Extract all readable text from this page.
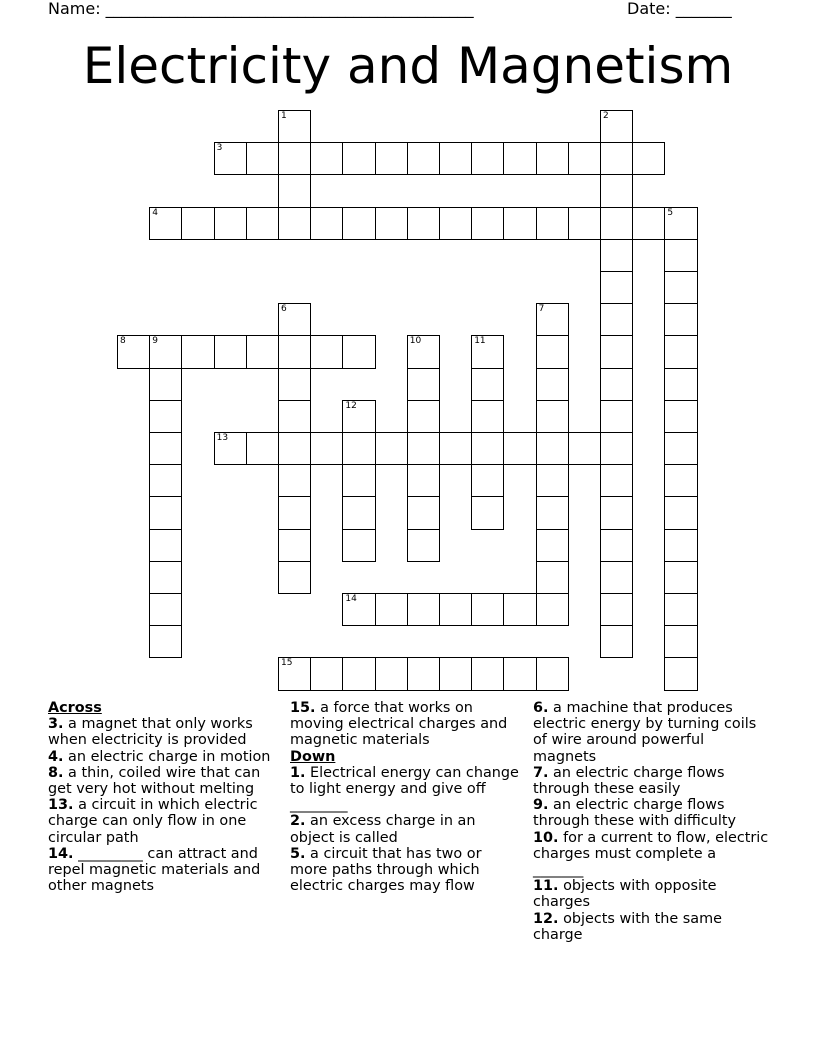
Name: ______________________________________________	Date: _______
Electricity and Magnetism
3
4
8	9
13
14
15
1	2
5
6	7
10	11
12
Across
3. a magnet that only works when electricity is provided
4. an electric charge in motion
8. a thin, coiled wire that can get very hot without melting
13. a circuit in which electric charge can only flow in one circular path
14. _________ can attract and repel magnetic materials and other magnets
15. a force that works on moving electrical charges and magnetic materials
Down
1. Electrical energy can change to light energy and give off ________
2. an excess charge in an object is called
5. a circuit that has two or more paths through which electric charges may flow
6. a machine that produces electric energy by turning coils of wire around powerful magnets
7. an electric charge flows through these easily
9. an electric charge flows through these with difficulty
10. for a current to flow, electric charges must complete a _______
11. objects with opposite charges
12. objects with the same charge
